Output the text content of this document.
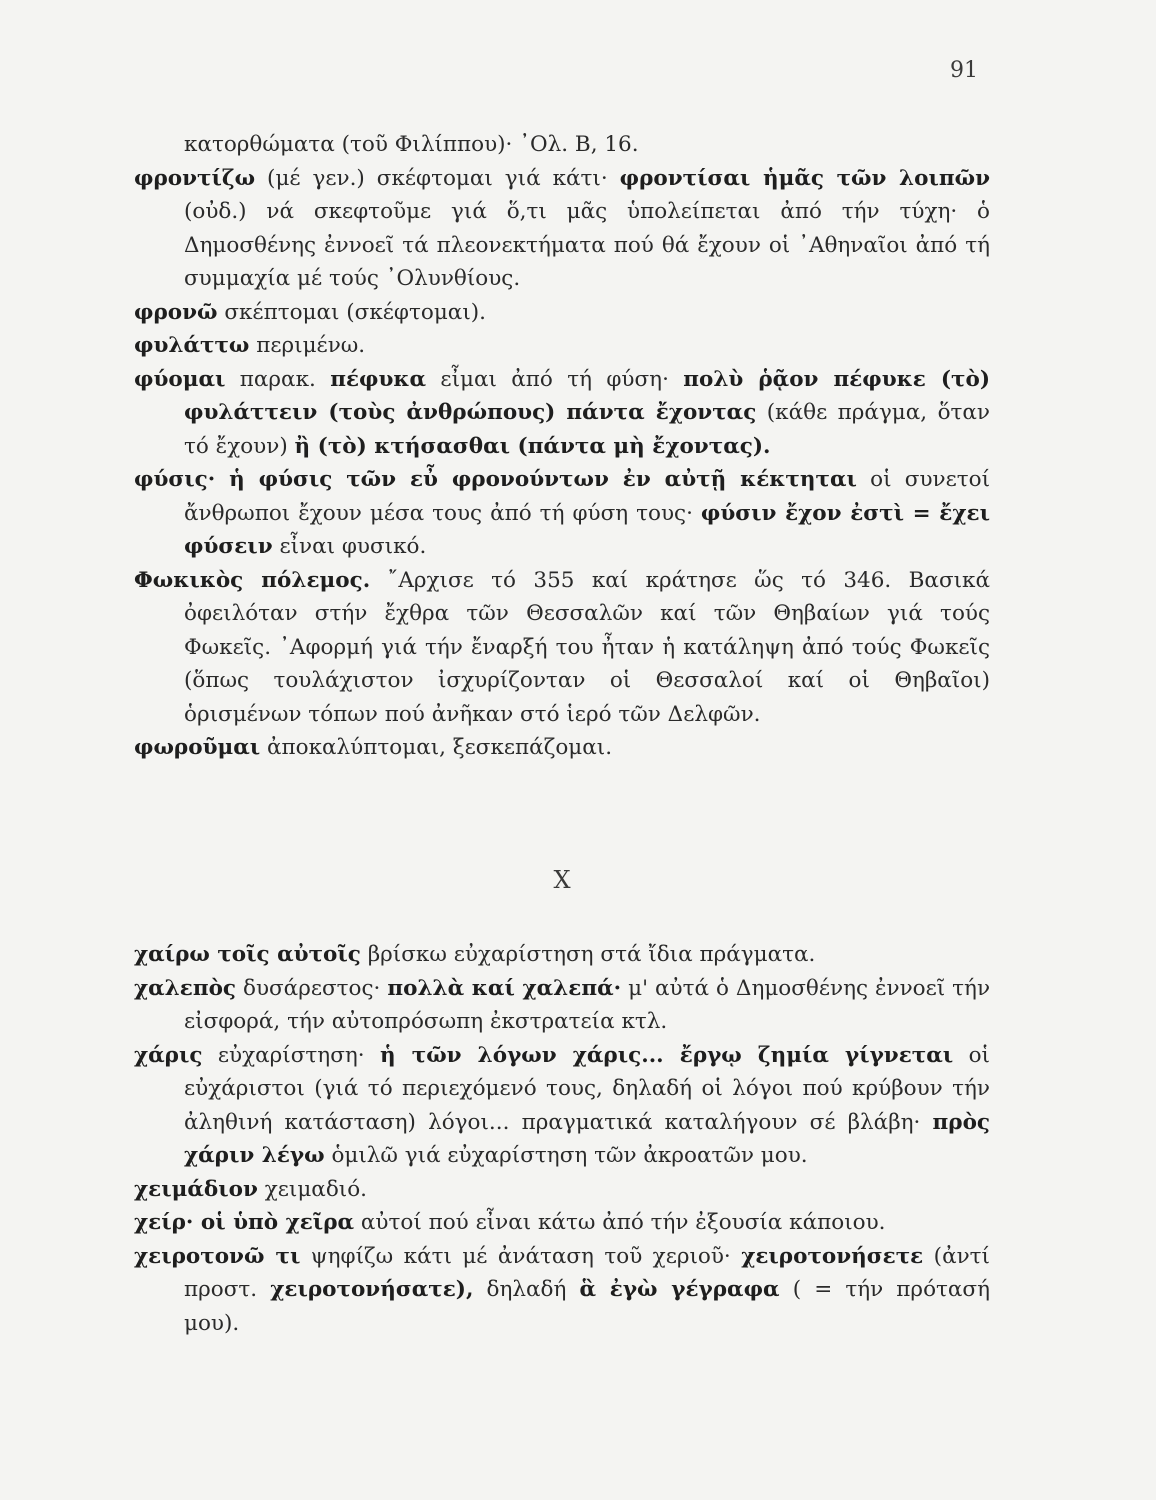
91

κατορθώματα (τοῦ Φιλίππου)· ᾿Ολ. Β, 16.

φροντίζω (μέ γεν.) σκέφτομαι γιά κάτι· φροντίσαι ἡμᾶς τῶν λοιπῶν (οὐδ.) νά σκεφτοῦμε γιά ὅ,τι μᾶς ὑπολείπεται ἀπό τήν τύχη· ὁ Δημοσθένης ἐννοεῖ τά πλεονεκτήματα πού θά ἔχουν οἱ ᾿Αθηναῖοι ἀπό τή συμμαχία μέ τούς ᾿Ολυνθίους.

φρονῶ σκέπτομαι (σκέφτομαι).

φυλάττω περιμένω.

φύομαι παρακ. πέφυκα εἶμαι ἀπό τή φύση· πολὺ ῥᾷον πέφυκε (τὸ) φυλάττειν (τοὺς ἀνθρώπους) πάντα ἔχοντας (κάθε πράγμα, ὅταν τό ἔχουν) ἢ (τὸ) κτήσασθαι (πάντα μὴ ἔχοντας).

φύσις· ἡ φύσις τῶν εὖ φρονούντων ἐν αὐτῇ κέκτηται οἱ συνετοί ἄνθρωποι ἔχουν μέσα τους ἀπό τή φύση τους· φύσιν ἔχον ἐστὶ = ἔχει φύσειν εἶναι φυσικό.

Φωκικὸς πόλεμος. ῎Αρχισε τό 355 καί κράτησε ὥς τό 346. Βασικά ὀφειλόταν στήν ἔχθρα τῶν Θεσσαλῶν καί τῶν Θηβαίων γιά τούς Φωκεῖς. ᾿Αφορμή γιά τήν ἔναρξή του ἦταν ἡ κατάληψη ἀπό τούς Φωκεῖς (ὅπως τουλάχιστον ἰσχυρίζονταν οἱ Θεσσαλοί καί οἱ Θηβαῖοι) ὁρισμένων τόπων πού ἀνῆκαν στό ἱερό τῶν Δελφῶν.

φωροῦμαι ἀποκαλύπτομαι, ξεσκεπάζομαι.

Χ

χαίρω τοῖς αὐτοῖς βρίσκω εὐχαρίστηση στά ἴδια πράγματα.

χαλεπὸς δυσάρεστος· πολλὰ καί χαλεπά· μ' αὐτά ὁ Δημοσθένης ἐννοεῖ τήν εἰσφορά, τήν αὐτοπρόσωπη ἐκστρατεία κτλ.

χάρις εὐχαρίστηση· ἡ τῶν λόγων χάρις... ἔργῳ ζημία γίγνεται οἱ εὐχάριστοι (γιά τό περιεχόμενό τους, δηλαδή οἱ λόγοι πού κρύβουν τήν ἀληθινή κατάσταση) λόγοι... πραγματικά καταλήγουν σέ βλάβη· πρὸς χάριν λέγω ὁμιλῶ γιά εὐχαρίστηση τῶν ἀκροατῶν μου.

χειμάδιον χειμαδιό.

χείρ· οἱ ὑπὸ χεῖρα αὐτοί πού εἶναι κάτω ἀπό τήν ἐξουσία κάποιου.

χειροτονῶ τι ψηφίζω κάτι μέ ἀνάταση τοῦ χεριοῦ· χειροτονήσετε (ἀντί προστ. χειροτονήσατε), δηλαδή ἃ ἐγὼ γέγραφα ( = τήν πρότασή μου).
